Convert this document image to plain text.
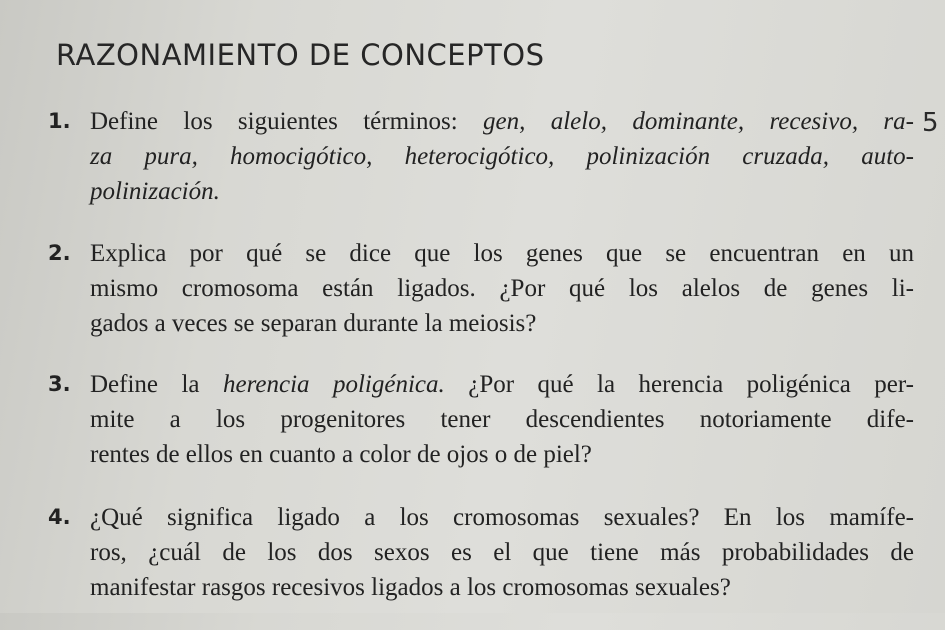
RAZONAMIENTO DE CONCEPTOS
5
1. Define los siguientes términos: gen, alelo, dominante, recesivo, ra-
za pura, homocigótico, heterocigótico, polinización cruzada, auto-
polinización.
2. Explica por qué se dice que los genes que se encuentran en un
mismo cromosoma están ligados. ¿Por qué los alelos de genes li-
gados a veces se separan durante la meiosis?
3. Define la herencia poligénica. ¿Por qué la herencia poligénica per-
mite a los progenitores tener descendientes notoriamente dife-
rentes de ellos en cuanto a color de ojos o de piel?
4. ¿Qué significa ligado a los cromosomas sexuales? En los mamífe-
ros, ¿cuál de los dos sexos es el que tiene más probabilidades de
manifestar rasgos recesivos ligados a los cromosomas sexuales?
